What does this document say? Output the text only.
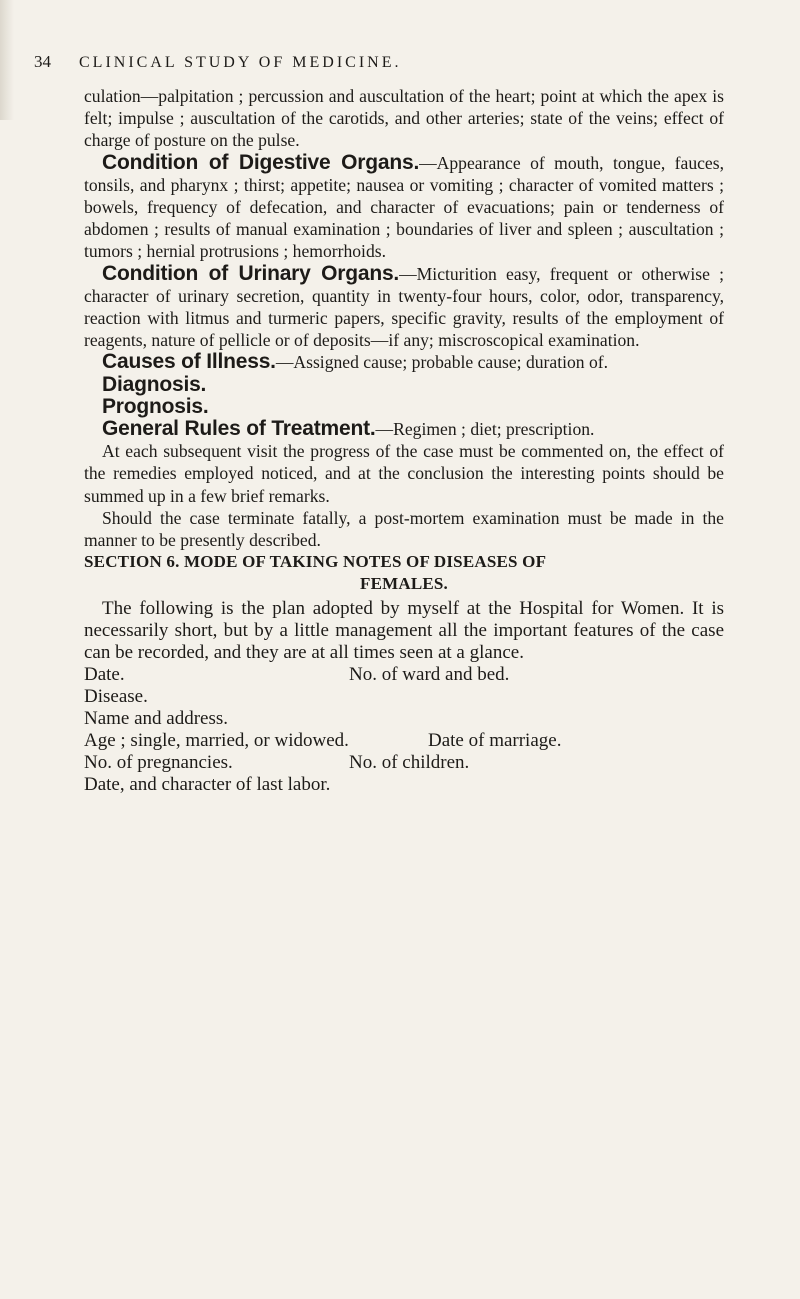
34 CLINICAL STUDY OF MEDICINE.

culation—palpitation ; percussion and auscultation of the heart; point at which the apex is felt; impulse ; auscultation of the carotids, and other arteries; state of the veins; effect of charge of posture on the pulse.

Condition of Digestive Organs.—Appearance of mouth, tongue, fauces, tonsils, and pharynx ; thirst; appetite; nausea or vomiting ; character of vomited matters ; bowels, frequency of defecation, and character of evacuations; pain or tenderness of abdomen ; results of manual examination ; boundaries of liver and spleen ; auscultation ; tumors ; hernial protrusions ; hemorrhoids.

Condition of Urinary Organs.—Micturition easy, frequent or otherwise ; character of urinary secretion, quantity in twenty-four hours, color, odor, transparency, reaction with litmus and turmeric papers, specific gravity, results of the employment of reagents, nature of pellicle or of deposits—if any; miscroscopical examination.

Causes of Illness.—Assigned cause; probable cause; duration of.

Diagnosis.

Prognosis.

General Rules of Treatment.—Regimen ; diet; prescription.

At each subsequent visit the progress of the case must be commented on, the effect of the remedies employed noticed, and at the conclusion the interesting points should be summed up in a few brief remarks.

Should the case terminate fatally, a post-mortem examination must be made in the manner to be presently described.

SECTION 6. MODE OF TAKING NOTES OF DISEASES OF
FEMALES.

The following is the plan adopted by myself at the Hospital for Women. It is necessarily short, but by a little management all the important features of the case can be recorded, and they are at all times seen at a glance.

Date.	No. of ward and bed.
Disease.
Name and address.
Age ; single, married, or widowed.	Date of marriage.
No. of pregnancies.	No. of children.
Date, and character of last labor.
